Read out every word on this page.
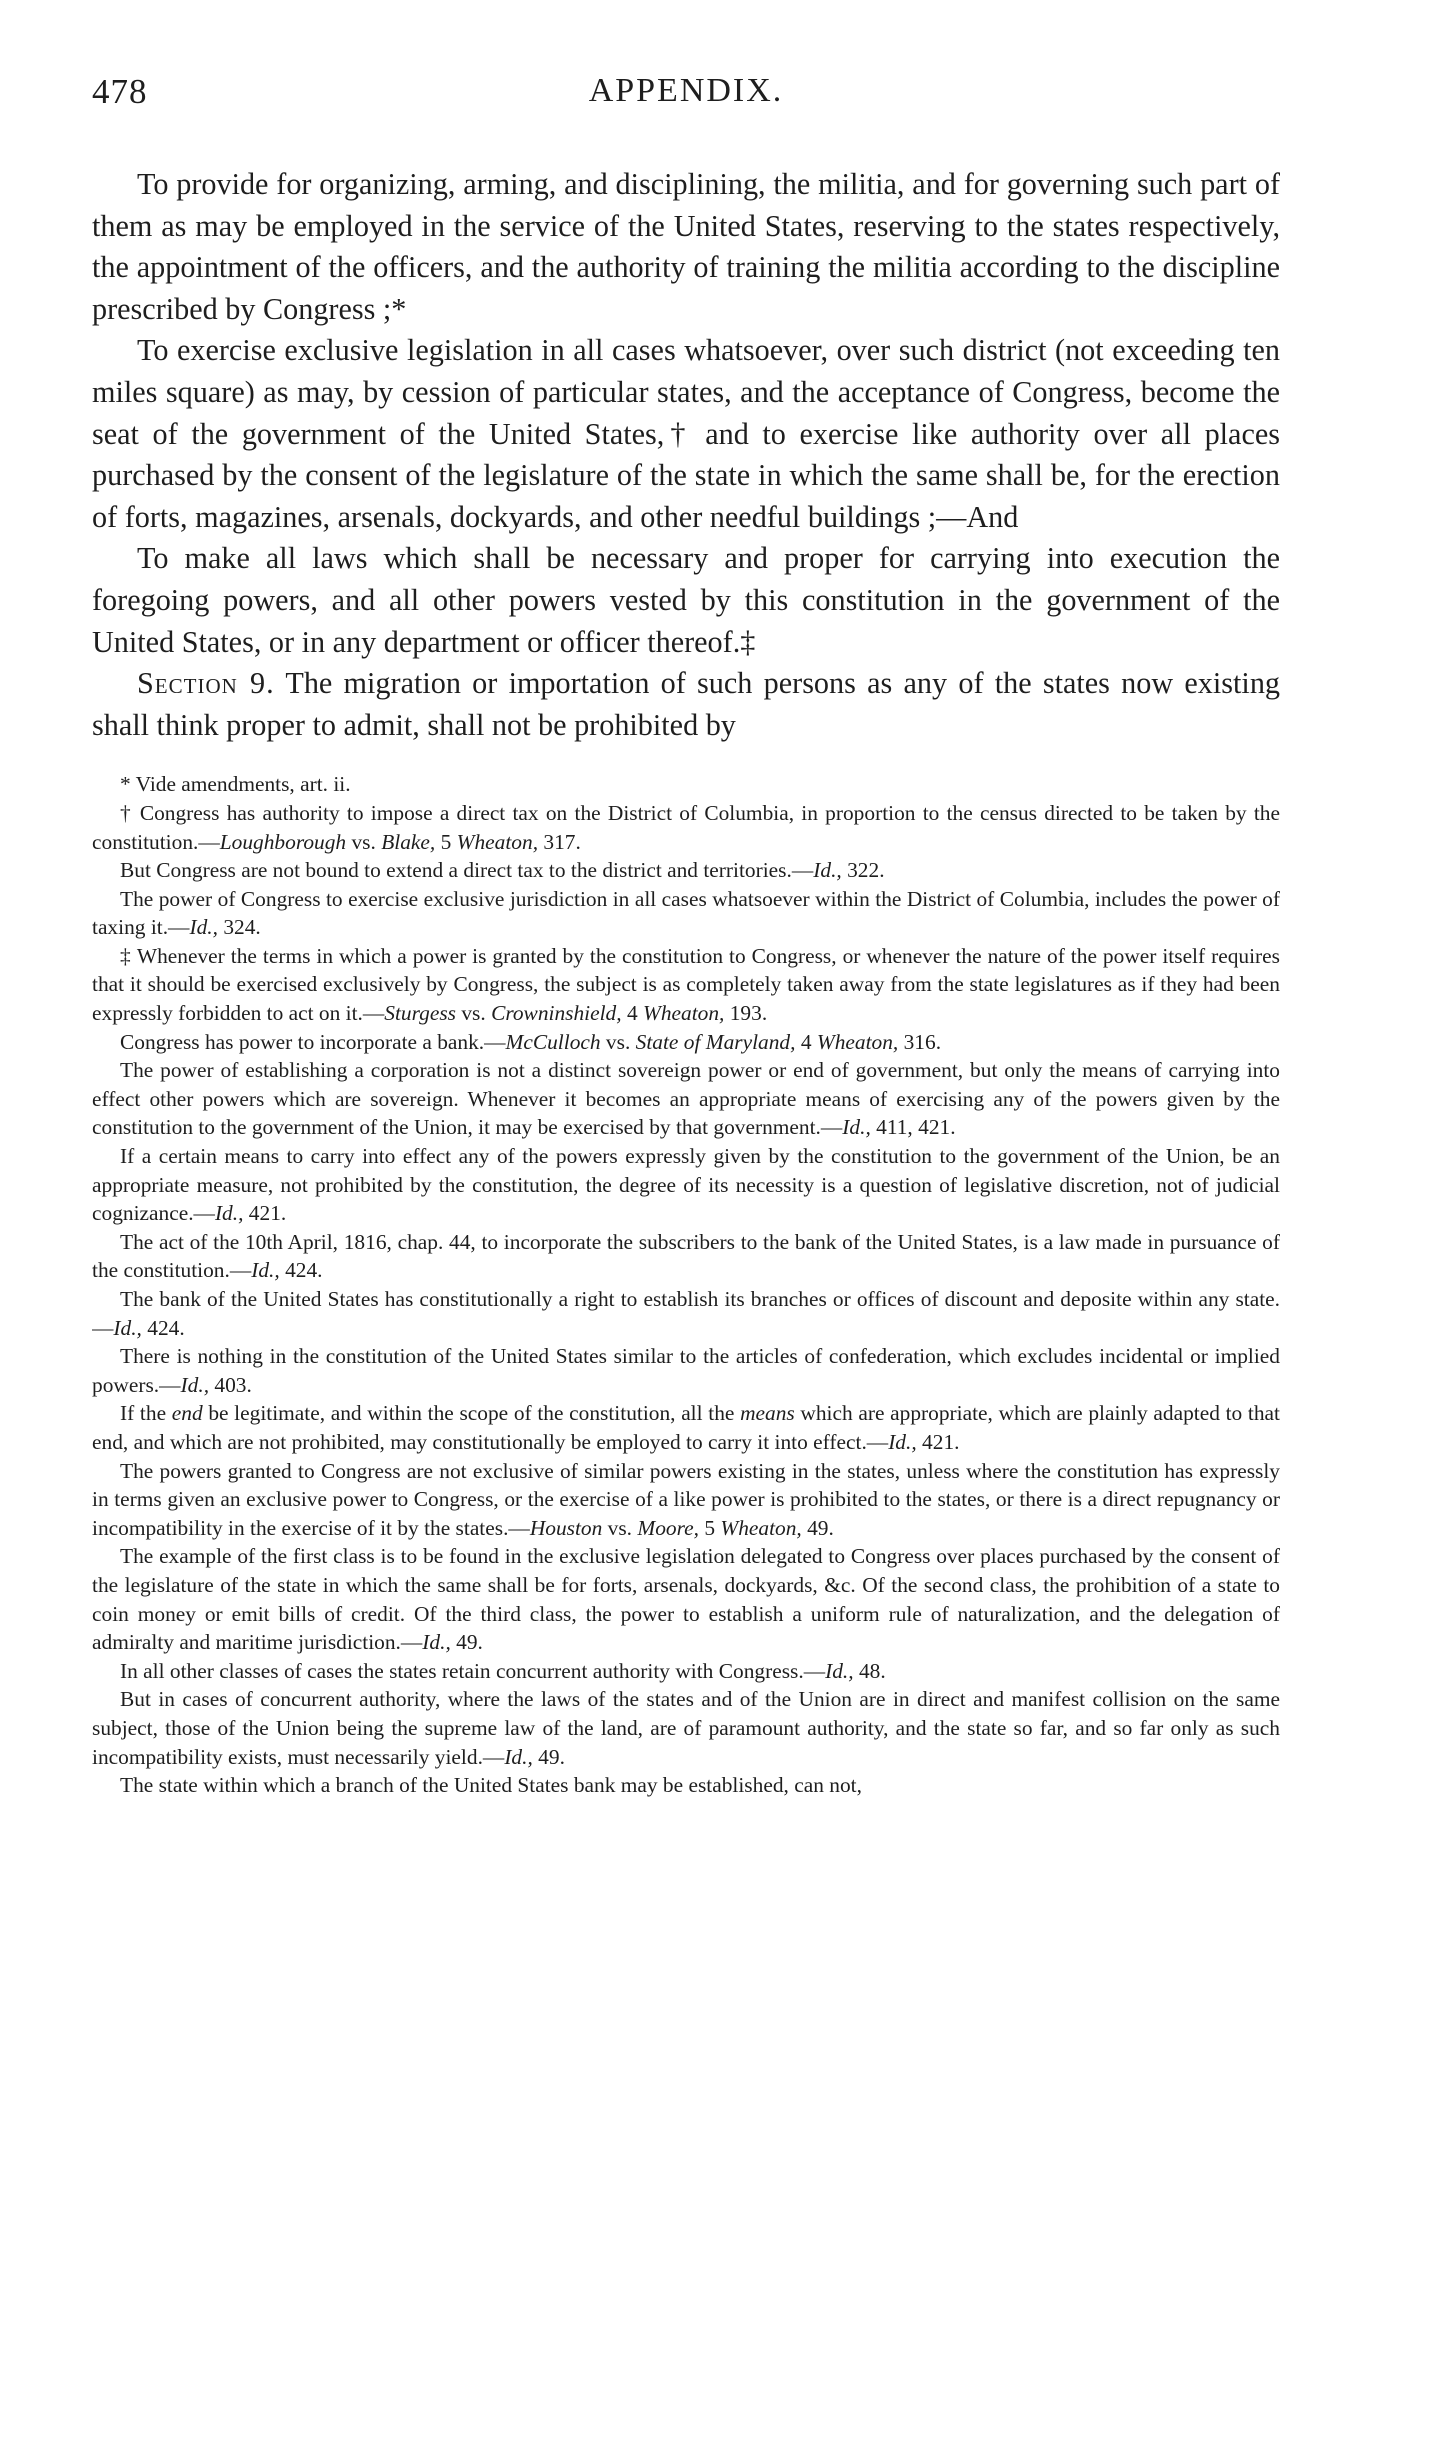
478	APPENDIX.

To provide for organizing, arming, and disciplining, the militia, and for governing such part of them as may be employed in the service of the United States, reserving to the states respectively, the appointment of the officers, and the authority of training the militia according to the discipline prescribed by Congress ;*

To exercise exclusive legislation in all cases whatsoever, over such district (not exceeding ten miles square) as may, by cession of particular states, and the acceptance of Congress, become the seat of the government of the United States,† and to exercise like authority over all places purchased by the consent of the legislature of the state in which the same shall be, for the erection of forts, magazines, arsenals, dockyards, and other needful buildings ;—And

To make all laws which shall be necessary and proper for carrying into execution the foregoing powers, and all other powers vested by this constitution in the government of the United States, or in any department or officer thereof.‡

Section 9. The migration or importation of such persons as any of the states now existing shall think proper to admit, shall not be prohibited by

* Vide amendments, art. ii.

† Congress has authority to impose a direct tax on the District of Columbia, in proportion to the census directed to be taken by the constitution.—Loughborough vs. Blake, 5 Wheaton, 317.

But Congress are not bound to extend a direct tax to the district and territories.—Id., 322.

The power of Congress to exercise exclusive jurisdiction in all cases whatsoever within the District of Columbia, includes the power of taxing it.—Id., 324.

‡ Whenever the terms in which a power is granted by the constitution to Congress, or whenever the nature of the power itself requires that it should be exercised exclusively by Congress, the subject is as completely taken away from the state legislatures as if they had been expressly forbidden to act on it.—Sturgess vs. Crowninshield, 4 Wheaton, 193.

Congress has power to incorporate a bank.—McCulloch vs. State of Maryland, 4 Wheaton, 316.

The power of establishing a corporation is not a distinct sovereign power or end of government, but only the means of carrying into effect other powers which are sovereign. Whenever it becomes an appropriate means of exercising any of the powers given by the constitution to the government of the Union, it may be exercised by that government.—Id., 411, 421.

If a certain means to carry into effect any of the powers expressly given by the constitution to the government of the Union, be an appropriate measure, not prohibited by the constitution, the degree of its necessity is a question of legislative discretion, not of judicial cognizance.—Id., 421.

The act of the 10th April, 1816, chap. 44, to incorporate the subscribers to the bank of the United States, is a law made in pursuance of the constitution.—Id., 424.

The bank of the United States has constitutionally a right to establish its branches or offices of discount and deposite within any state.—Id., 424.

There is nothing in the constitution of the United States similar to the articles of confederation, which excludes incidental or implied powers.—Id., 403.

If the end be legitimate, and within the scope of the constitution, all the means which are appropriate, which are plainly adapted to that end, and which are not prohibited, may constitutionally be employed to carry it into effect.—Id., 421.

The powers granted to Congress are not exclusive of similar powers existing in the states, unless where the constitution has expressly in terms given an exclusive power to Congress, or the exercise of a like power is prohibited to the states, or there is a direct repugnancy or incompatibility in the exercise of it by the states.—Houston vs. Moore, 5 Wheaton, 49.

The example of the first class is to be found in the exclusive legislation delegated to Congress over places purchased by the consent of the legislature of the state in which the same shall be for forts, arsenals, dockyards, &c. Of the second class, the prohibition of a state to coin money or emit bills of credit. Of the third class, the power to establish a uniform rule of naturalization, and the delegation of admiralty and maritime jurisdiction.—Id., 49.

In all other classes of cases the states retain concurrent authority with Congress.—Id., 48.

But in cases of concurrent authority, where the laws of the states and of the Union are in direct and manifest collision on the same subject, those of the Union being the supreme law of the land, are of paramount authority, and the state so far, and so far only as such incompatibility exists, must necessarily yield.—Id., 49.

The state within which a branch of the United States bank may be established, can not,
